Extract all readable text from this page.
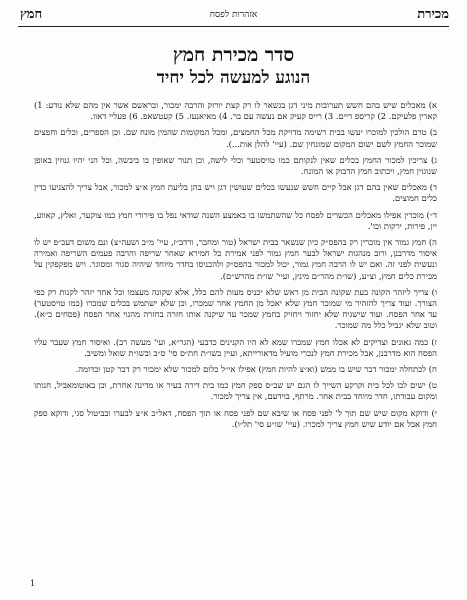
חמץ	אזהרות לפסח	מכירת
סדר מכירת חמץ
הנוגע למעשה לכל יחיד

א) מאכלים שיש בהם חשש תערובות מיני דגן בגשאר לו רק קצת יורזק והרבה ימכור, ובראשם אשר אין מהם שלא נודע: 1) קארין פלעיקם. 2) קריספ ריים. 3) רייס קעיק אם נעשה עם בר. 4) מאיאנעז. 5) קעטשאפ. 6) פעליי דאוו.

ב) טרם הולכין למוכרו יעשו בבית רשימה מדויקת מכל החמצים, ומכל המקומות שהמין מונח שם. וכן הספרים, וכלים וחפצים שמוכר החמץ לשם ישום המקום שמונחין שם. (עיי' להלן אות...).

ג) צריכין למכור החמץ בכלים שאין לנקותם כמו טויסטער וכלי לישה, וכן תנור שאופין בו ביבשה, וכל הני יהיו גנוזין באופן שנוגזין חמץ, ויכתוב חמץ הדבוק או המונח.

ד) מאכלים שאין בהם דגן אבל קיים חשש שנעשו בכלים שעושין דגן ויש בהן בליעת חמץ א״צ למכור, אבל צריך להצניעו כדין כלים חמוצים.

ד״) מוכרין אפילו מאכלים הכשרים לפסח כל שהשתמשו בו באמצע השנה שודאי נפל בו פירורי חמץ כמו צוקער, זאלץ, קאווע, יין, פירות, ירקות וכו'.

ה) חמץ גמור אין מוכרין רק בהפס״ק כיון שנשאר בבית ישראל (טור ומחבר, ורדב״ז, עיי' מ״ב ושעה״צ) ונם משום דעכ״פ יש לו איסור מדרבנן, ורוב מנהגות ישראל לבער חמץ גמור לפני אמירת כל חמירא שאחר שריפה והרבה פעמים השריפה ואמירה ונעשית לפני זה. ואם יש לו הרבה חמץ גמור, יכול למכור בהפס״ק ולהכניסו בחדר מיוחד שיהיה סגור ומסוגר. ויש מפקפקין על מכירת כלים חמץ, וצ״ע, (שו״ת מהר״ם מינץ, ועיי' שו״ת מהרש״ם).

ו) צריך ליזהר הקונה בעת שקונה הבית מן ראש שלא יכניס מעות להם כלל, אלא שקונה מעצמו וכל אחד יזהר לקנות רק כפי הצורך. ועוד צריך להזהיר מי שמוכר חמץ שלא יאכל מן החמץ אחר שמכרו, וכן שלא ישתמש בכלים שמכרו (כמו טויסטער) עד אחר הפסח. ועוד שישגיח שלא יחזור ויחזיק בחמץ שמכר עד שיקנה אותו חזרה בחזרה מהגוי אחר הפסח (פסחים כ״א). וטוב שלא יגביל כלל מה שמוכר.

ז) כמה גאונים וצדיקים לא אכלו חמץ שמכרו שמא לא היו הקנינים כדבעי (הגר״א, ועי' מעשה רב). ואיסור חמץ שעבר עליו הפסח הוא מדרבנן, אבל מכירת חמץ לנכרי מועיל מדאורייתא, ועיין בשו״ת חת״ס סי' ס״ב ובשו״ת שואל ומשיב.

ח) לכתחלה ימכור דבר שיש בו ממש (וא״צ להיות חמץ) אפילו אי״ל כלום למכור שלא ימכור רק דבר קטן וכדומה.

ט) ישים לבו לכל בית וקרקע השייך לו הגם יש שב״ס ספק חמץ כמו בית דירה בעיר או מדינה אחרת, וכן באוטומאביל, חנותו ומקום עבודתו, חדר מיוחד בבית אחר. מרתף, בוידעם, אין צריך למכור.

י) ודוקא מקום שיש שם תוך ל' לפני פסח או שיבא שם לפני פסח או תוך הפסח, דאל״כ א״צ לבערו ובביטול סגי, ודוקא ספק חמץ אבל אם יודע שיש חמץ צריך למכרו. (עיי' שו״ע סי' תל״ו).

1
